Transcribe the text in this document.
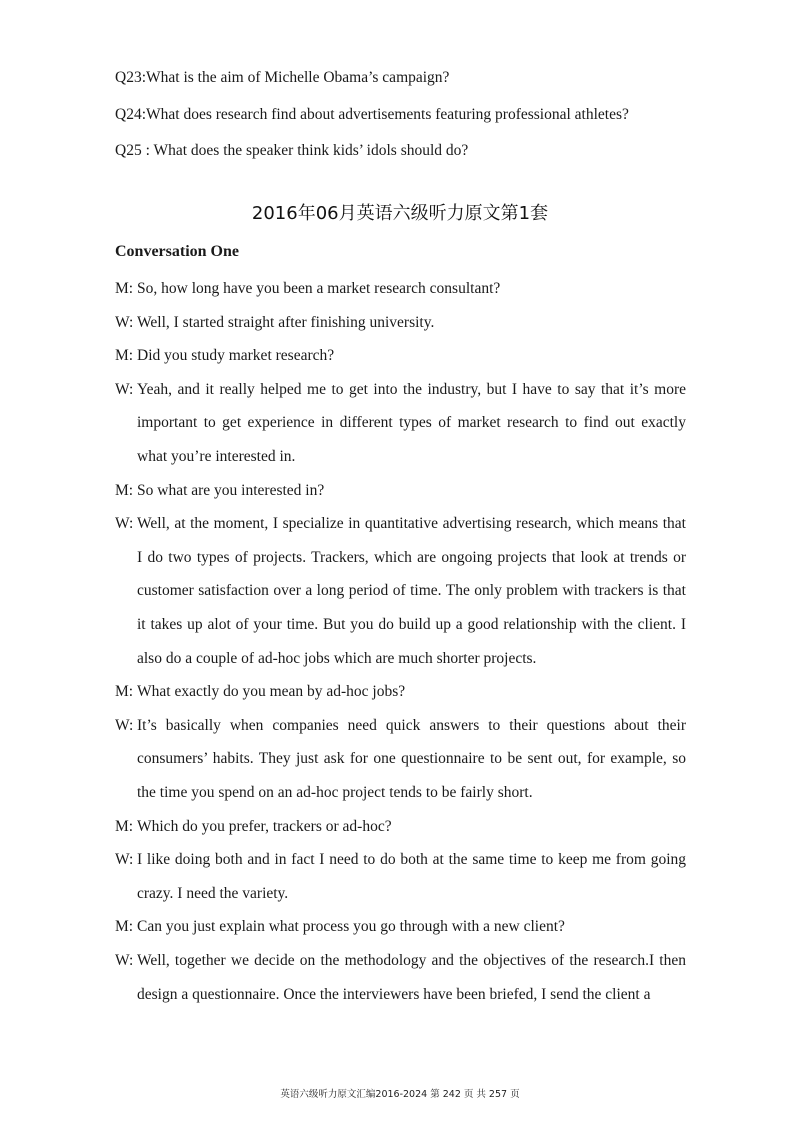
Q23:What is the aim of Michelle Obama’s campaign?
Q24:What does research find about advertisements featuring professional athletes?
Q25 : What does the speaker think kids’ idols should do?
2016年06月英语六级听力原文第1套
Conversation One
M: So, how long have you been a market research consultant?
W: Well, I started straight after finishing university.
M: Did you study market research?
W: Yeah, and it really helped me to get into the industry, but I have to say that it’s more
important to get experience in different types of market research to find out exactly
what you’re interested in.
M: So what are you interested in?
W: Well, at the moment, I specialize in quantitative advertising research, which means that
I do two types of projects. Trackers, which are ongoing projects that look at trends or
customer satisfaction over a long period of time. The only problem with trackers is that
it takes up alot of your time. But you do build up a good relationship with the client. I
also do a couple of ad-hoc jobs which are much shorter projects.
M: What exactly do you mean by ad-hoc jobs?
W: It’s basically when companies need quick answers to their questions about their
consumers’ habits. They just ask for one questionnaire to be sent out, for example, so
the time you spend on an ad-hoc project tends to be fairly short.
M: Which do you prefer, trackers or ad-hoc?
W: I like doing both and in fact I need to do both at the same time to keep me from going
crazy. I need the variety.
M: Can you just explain what process you go through with a new client?
W: Well, together we decide on the methodology and the objectives of the research.I then
design a questionnaire. Once the interviewers have been briefed, I send the client a
英语六级听力原文汇编2016-2024 第 242 页 共 257 页
